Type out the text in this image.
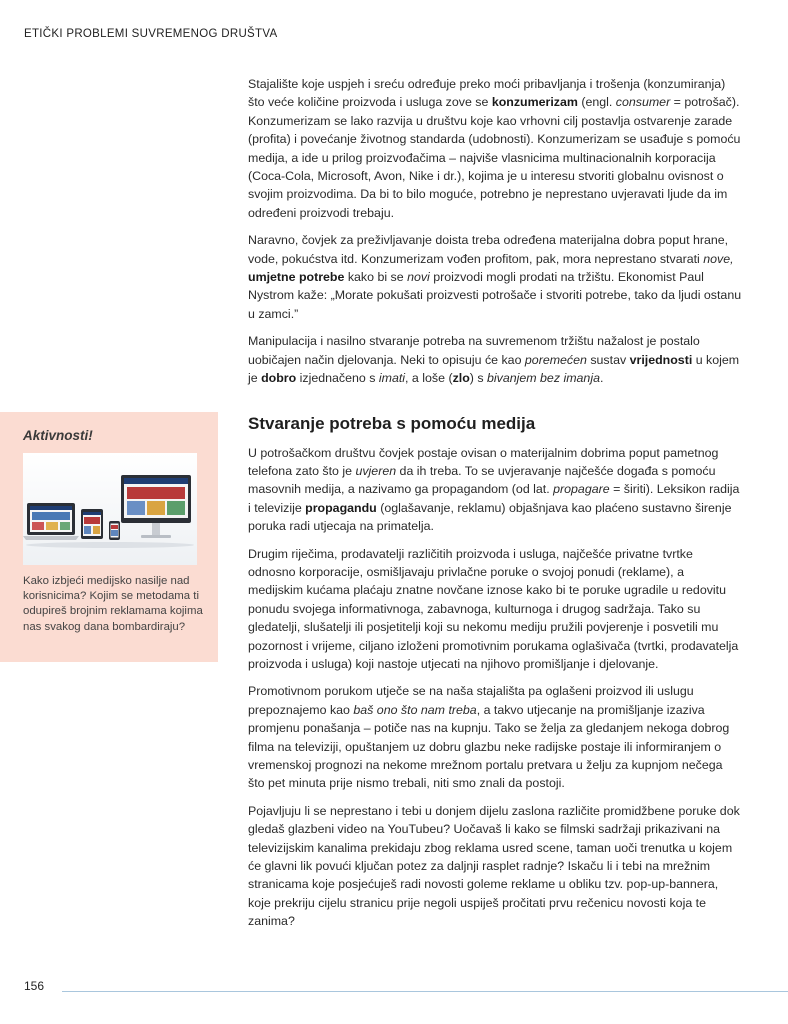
ETIČKI PROBLEMI SUVREMENOG DRUŠTVA

Stajalište koje uspjeh i sreću određuje preko moći pribavljanja i trošenja (konzumiranja) što veće količine proizvoda i usluga zove se konzumerizam (engl. consumer = potrošač). Konzumerizam se lako razvija u društvu koje kao vrhovni cilj postavlja ostvarenje zarade (profita) i povećanje životnog standarda (udobnosti). Konzumerizam se usađuje s pomoću medija, a ide u prilog proizvođačima – najviše vlasnicima multinacionalnih korporacija (Coca-Cola, Microsoft, Avon, Nike i dr.), kojima je u interesu stvoriti globalnu ovisnost o svojim proizvodima. Da bi to bilo moguće, potrebno je neprestano uvjeravati ljude da im određeni proizvodi trebaju.

Naravno, čovjek za preživljavanje doista treba određena materijalna dobra poput hrane, vode, pokućstva itd. Konzumerizam vođen profitom, pak, mora neprestano stvarati nove, umjetne potrebe kako bi se novi proizvodi mogli prodati na tržištu. Ekonomist Paul Nystrom kaže: „Morate pokušati proizvesti potrošače i stvoriti potrebe, tako da ljudi ostanu u zamci.”

Manipulacija i nasilno stvaranje potreba na suvremenom tržištu nažalost je postalo uobičajen način djelovanja. Neki to opisuju će kao poremećen sustav vrijednosti u kojem je dobro izjednačeno s imati, a loše (zlo) s bivanjem bez imanja.

Stvaranje potreba s pomoću medija

U potrošačkom društvu čovjek postaje ovisan o materijalnim dobrima poput pametnog telefona zato što je uvjeren da ih treba. To se uvjeravanje najčešće događa s pomoću masovnih medija, a nazivamo ga propagandom (od lat. propagare = širiti). Leksikon radija i televizije propagandu (oglašavanje, reklamu) objašnjava kao plaćeno sustavno širenje poruka radi utjecaja na primatelja.

Drugim riječima, prodavatelji različitih proizvoda i usluga, najčešće privatne tvrtke odnosno korporacije, osmišljavaju privlačne poruke o svojoj ponudi (reklame), a medijskim kućama plaćaju znatne novčane iznose kako bi te poruke ugradile u redovitu ponudu svojega informativnoga, zabavnoga, kulturnoga i drugog sadržaja. Tako su gledatelji, slušatelji ili posjetitelji koji su nekomu mediju pružili povjerenje i posvetili mu pozornost i vrijeme, ciljano izloženi promotivnim porukama oglašivača (tvrtki, prodavatelja proizvoda i usluga) koji nastoje utjecati na njihovo promišljanje i djelovanje.

Promotivnom porukom utječe se na naša stajališta pa oglašeni proizvod ili uslugu prepoznajemo kao baš ono što nam treba, a takvo utjecanje na promišljanje izaziva promjenu ponašanja – potiče nas na kupnju. Tako se želja za gledanjem nekoga dobrog filma na televiziji, opuštanjem uz dobru glazbu neke radijske postaje ili informiranjem o vremenskoj prognozi na nekome mrežnom portalu pretvara u želju za kupnjom nečega što pet minuta prije nismo trebali, niti smo znali da postoji.

Pojavljuju li se neprestano i tebi u donjem dijelu zaslona različite promidžbene poruke dok gledaš glazbeni video na YouTubeu? Uočavaš li kako se filmski sadržaji prikazivani na televizijskim kanalima prekidaju zbog reklama usred scene, taman uoči trenutka u kojem će glavni lik povući ključan potez za daljnji rasplet radnje? Iskaču li i tebi na mrežnim stranicama koje posjećuješ radi novosti goleme reklame u obliku tzv. pop-up-bannera, koje prekriju cijelu stranicu prije negoli uspiješ pročitati prvu rečenicu novosti koja te zanima?

Aktivnosti!
Kako izbjeći medijsko nasilje nad korisnicima? Kojim se metodama ti odupireš brojnim reklamama kojima nas svakog dana bombardiraju?
156
